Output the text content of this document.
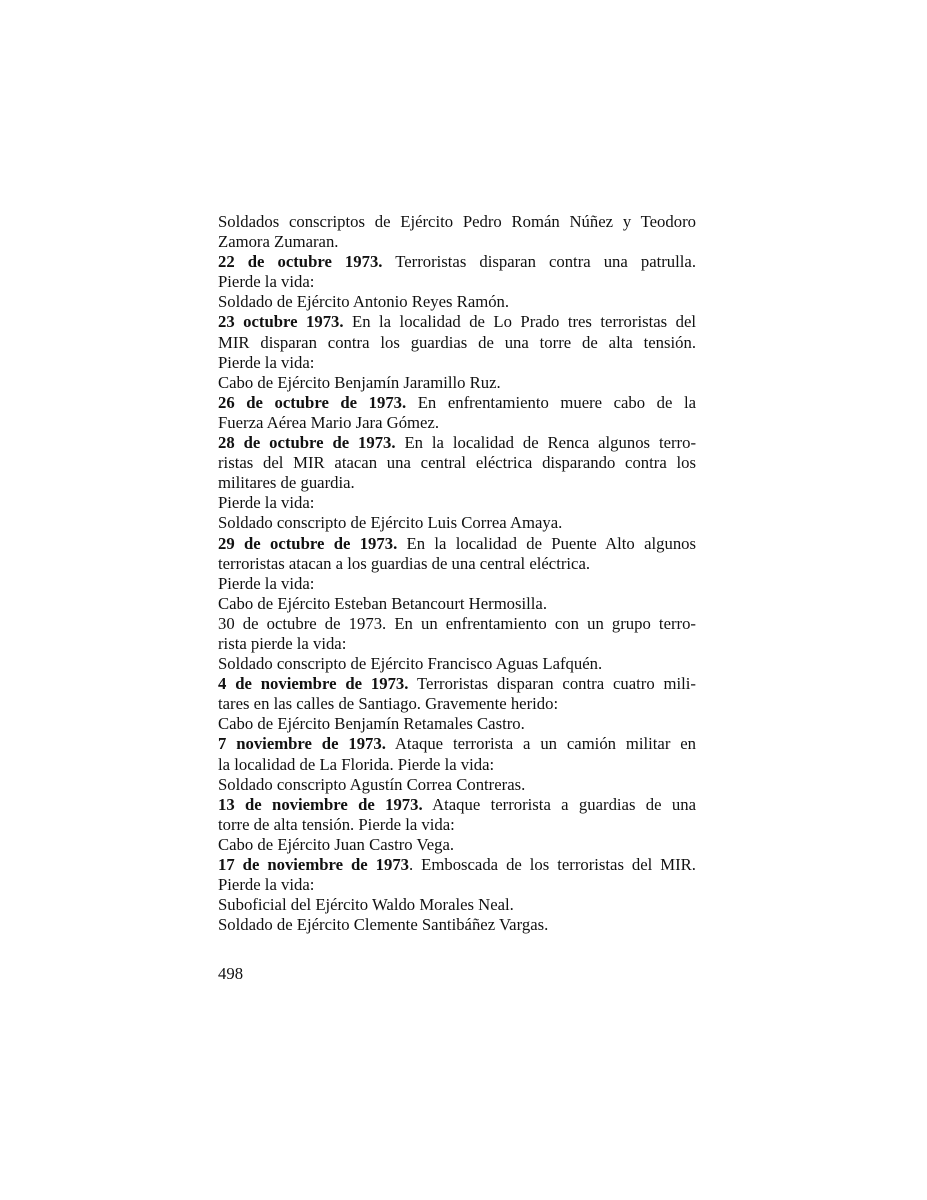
Soldados conscriptos de Ejército Pedro Román Núñez y Teodoro
Zamora Zumaran.
22 de octubre 1973. Terroristas disparan contra una patrulla.
Pierde la vida:
Soldado de Ejército Antonio Reyes Ramón.
23 octubre 1973. En la localidad de Lo Prado tres terroristas del
MIR disparan contra los guardias de una torre de alta tensión.
Pierde la vida:
Cabo de Ejército Benjamín Jaramillo Ruz.
26 de octubre de 1973. En enfrentamiento muere cabo de la
Fuerza Aérea Mario Jara Gómez.
28 de octubre de 1973. En la localidad de Renca algunos terro-
ristas del MIR atacan una central eléctrica disparando contra los
militares de guardia.
Pierde la vida:
Soldado conscripto de Ejército Luis Correa Amaya.
29 de octubre de 1973. En la localidad de Puente Alto algunos
terroristas atacan a los guardias de una central eléctrica.
Pierde la vida:
Cabo de Ejército Esteban Betancourt Hermosilla.
30 de octubre de 1973. En un enfrentamiento con un grupo terro-
rista pierde la vida:
Soldado conscripto de Ejército Francisco Aguas Lafquén.
4 de noviembre de 1973. Terroristas disparan contra cuatro mili-
tares en las calles de Santiago. Gravemente herido:
Cabo de Ejército Benjamín Retamales Castro.
7 noviembre de 1973. Ataque terrorista a un camión militar en
la localidad de La Florida. Pierde la vida:
Soldado conscripto Agustín Correa Contreras.
13 de noviembre de 1973. Ataque terrorista a guardias de una
torre de alta tensión. Pierde la vida:
Cabo de Ejército Juan Castro Vega.
17 de noviembre de 1973. Emboscada de los terroristas del MIR.
Pierde la vida:
Suboficial del Ejército Waldo Morales Neal.
Soldado de Ejército Clemente Santibáñez Vargas.
498
